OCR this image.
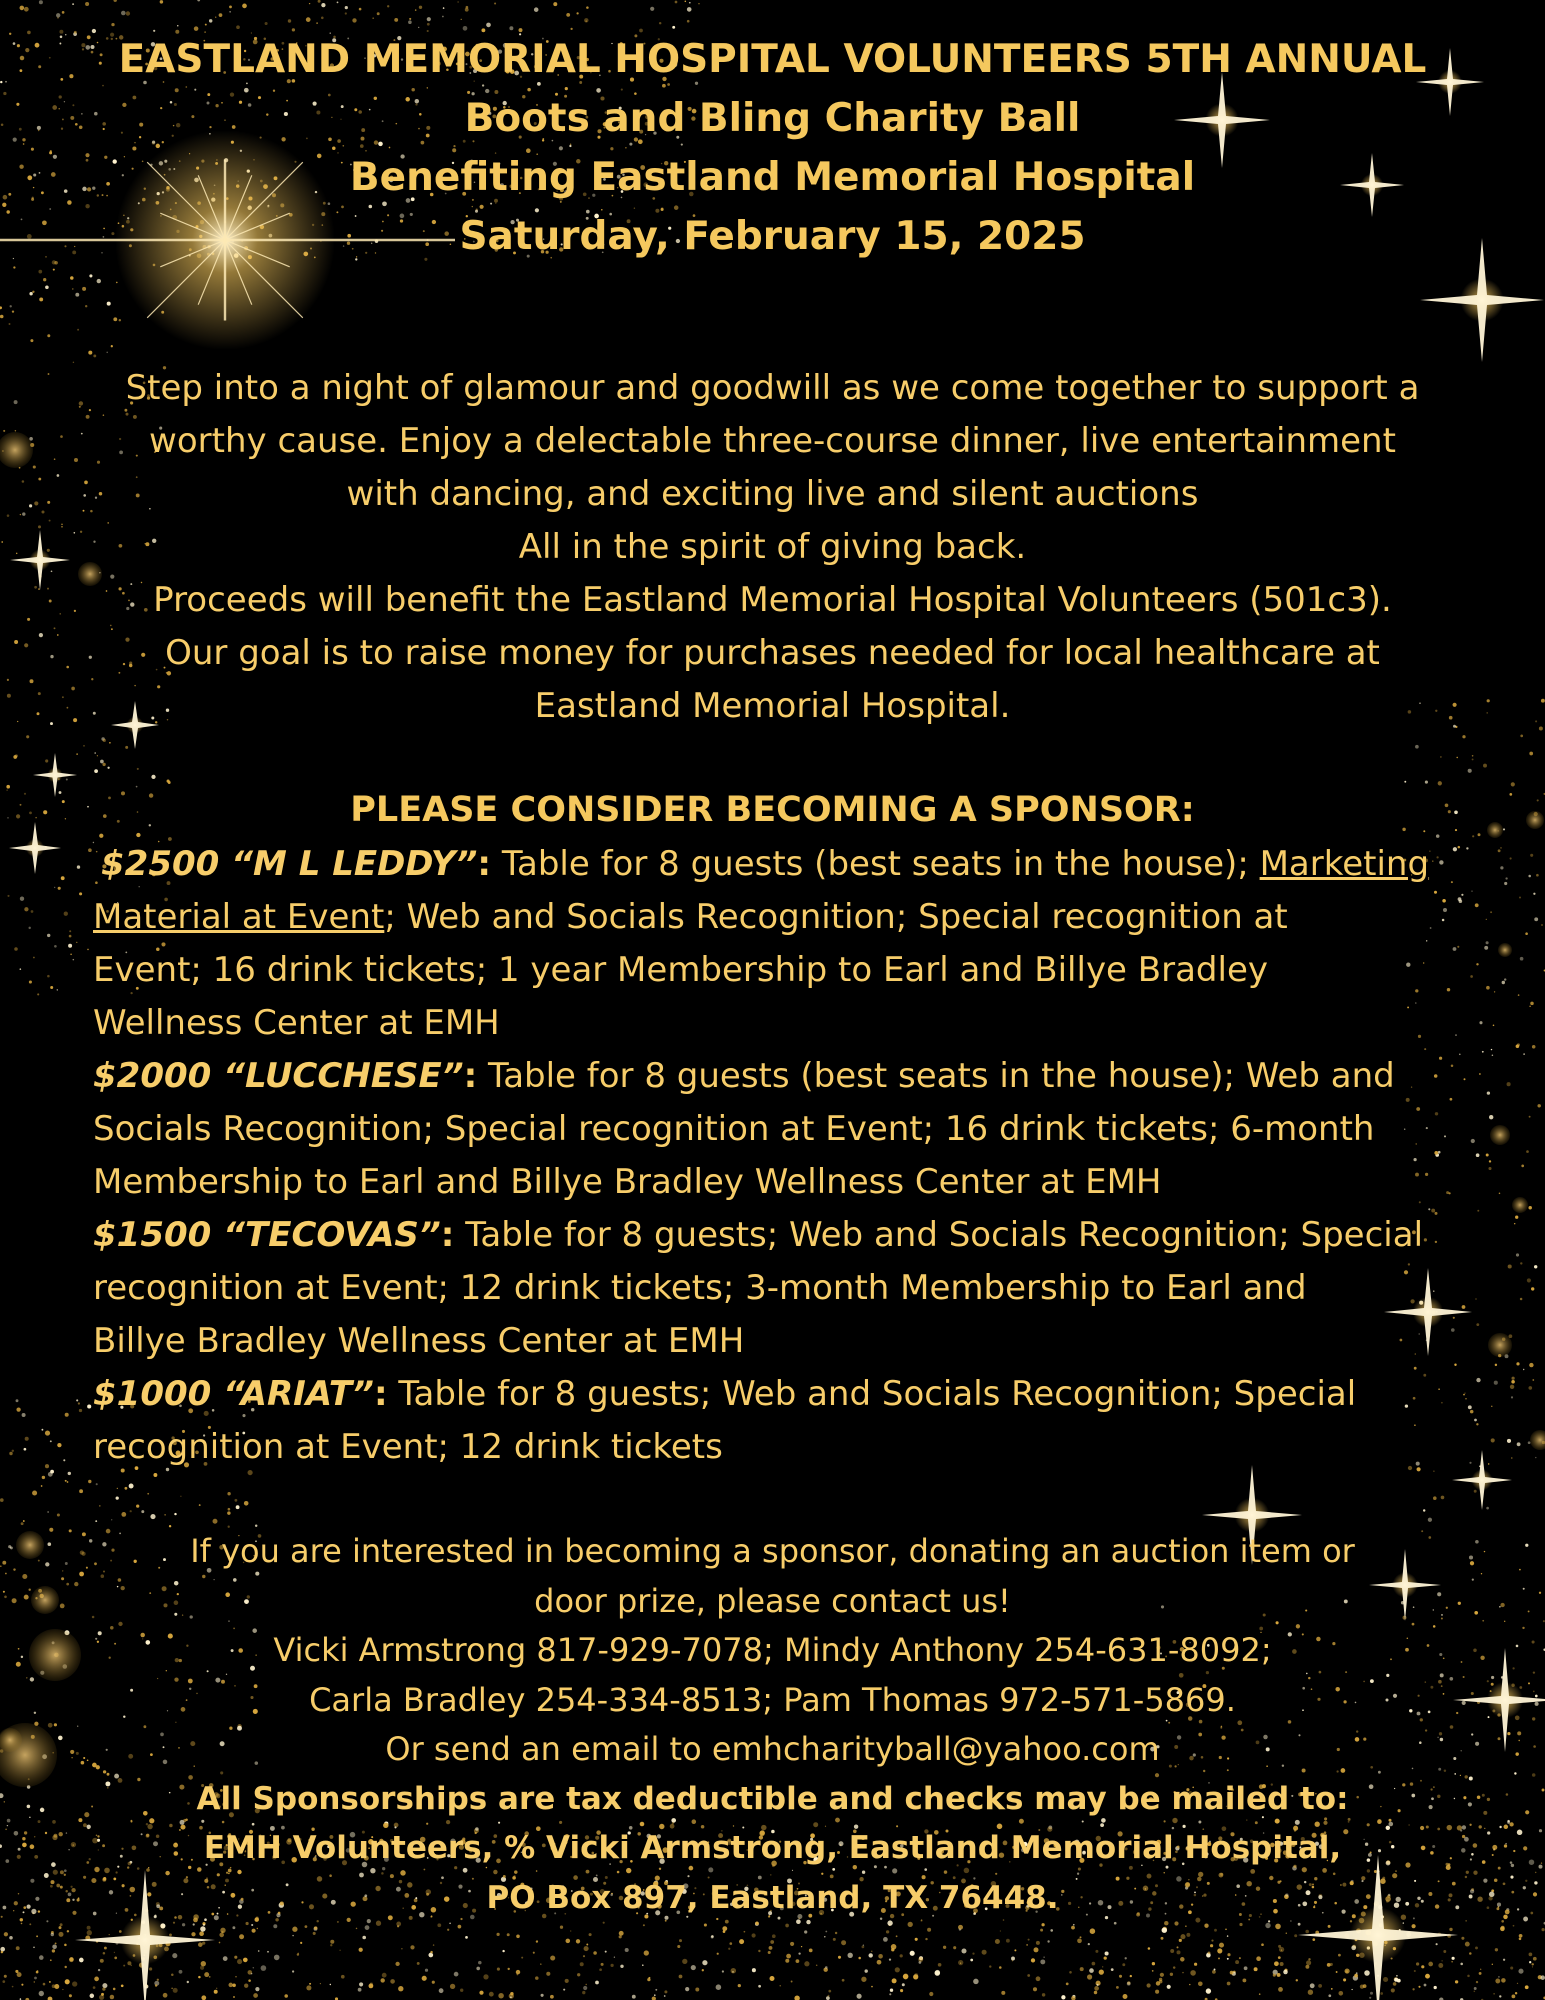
EASTLAND MEMORIAL HOSPITAL VOLUNTEERS 5TH ANNUAL
Boots and Bling Charity Ball
Benefiting Eastland Memorial Hospital
Saturday, February 15, 2025
Step into a night of glamour and goodwill as we come together to support a
worthy cause. Enjoy a delectable three-course dinner, live entertainment
with dancing, and exciting live and silent auctions
All in the spirit of giving back.
Proceeds will benefit the Eastland Memorial Hospital Volunteers (501c3).
Our goal is to raise money for purchases needed for local healthcare at
Eastland Memorial Hospital.
PLEASE CONSIDER BECOMING A SPONSOR:
$2500 “M L LEDDY”: Table for 8 guests (best seats in the house); Marketing
Material at Event; Web and Socials Recognition; Special recognition at
Event; 16 drink tickets; 1 year Membership to Earl and Billye Bradley
Wellness Center at EMH
$2000 “LUCCHESE”: Table for 8 guests (best seats in the house); Web and
Socials Recognition; Special recognition at Event; 16 drink tickets; 6-month
Membership to Earl and Billye Bradley Wellness Center at EMH
$1500 “TECOVAS”: Table for 8 guests; Web and Socials Recognition; Special
recognition at Event; 12 drink tickets; 3-month Membership to Earl and
Billye Bradley Wellness Center at EMH
$1000 “ARIAT”: Table for 8 guests; Web and Socials Recognition; Special
recognition at Event; 12 drink tickets
If you are interested in becoming a sponsor, donating an auction item or
door prize, please contact us!
Vicki Armstrong 817-929-7078; Mindy Anthony 254-631-8092;
Carla Bradley 254-334-8513; Pam Thomas 972-571-5869.
Or send an email to emhcharityball@yahoo.com
All Sponsorships are tax deductible and checks may be mailed to:
EMH Volunteers, % Vicki Armstrong, Eastland Memorial Hospital,
PO Box 897, Eastland, TX 76448.
